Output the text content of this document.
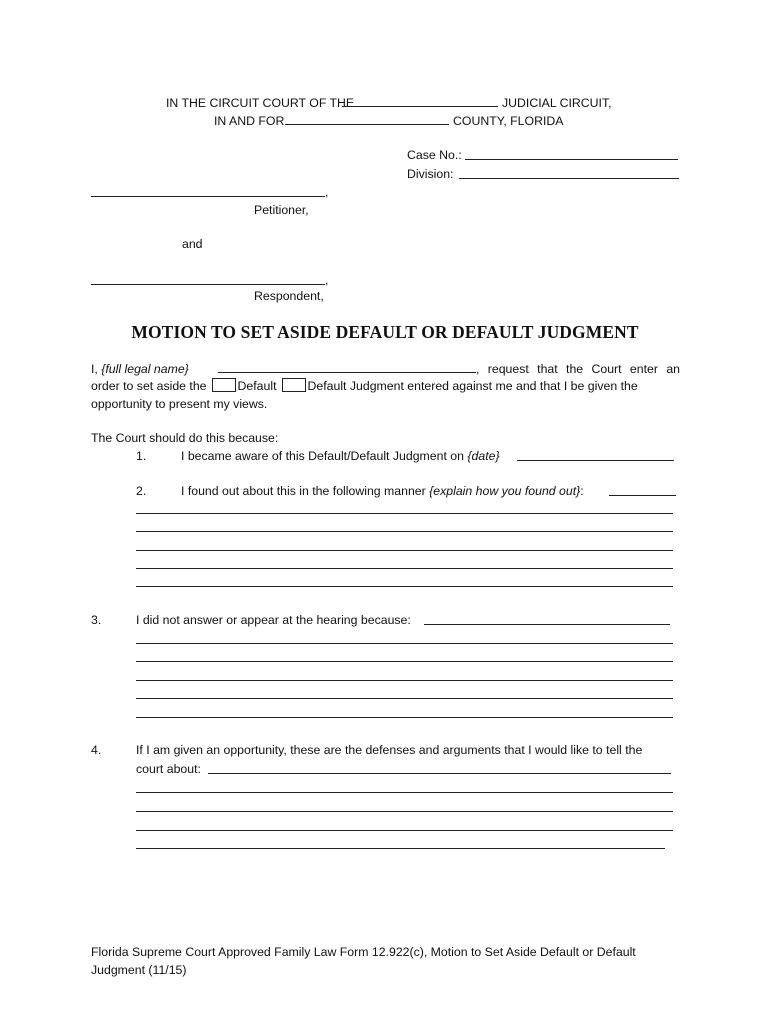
IN THE CIRCUIT COURT OF THE	JUDICIAL CIRCUIT,
IN AND FOR	COUNTY, FLORIDA
Case No.:
Division:
,
Petitioner,
and
,
Respondent,
MOTION TO SET ASIDE DEFAULT OR DEFAULT JUDGMENT
I, {full legal name}	, request that the Court enter an
order to set aside the	Default	Default Judgment entered against me and that I be given the
opportunity to present my views.
The Court should do this because:
1.	I became aware of this Default/Default Judgment on {date}
2.	I found out about this in the following manner {explain how you found out}:
3.	I did not answer or appear at the hearing because:
4.	If I am given an opportunity, these are the defenses and arguments that I would like to tell the
court about:
Florida Supreme Court Approved Family Law Form 12.922(c), Motion to Set Aside Default or Default
Judgment (11/15)
